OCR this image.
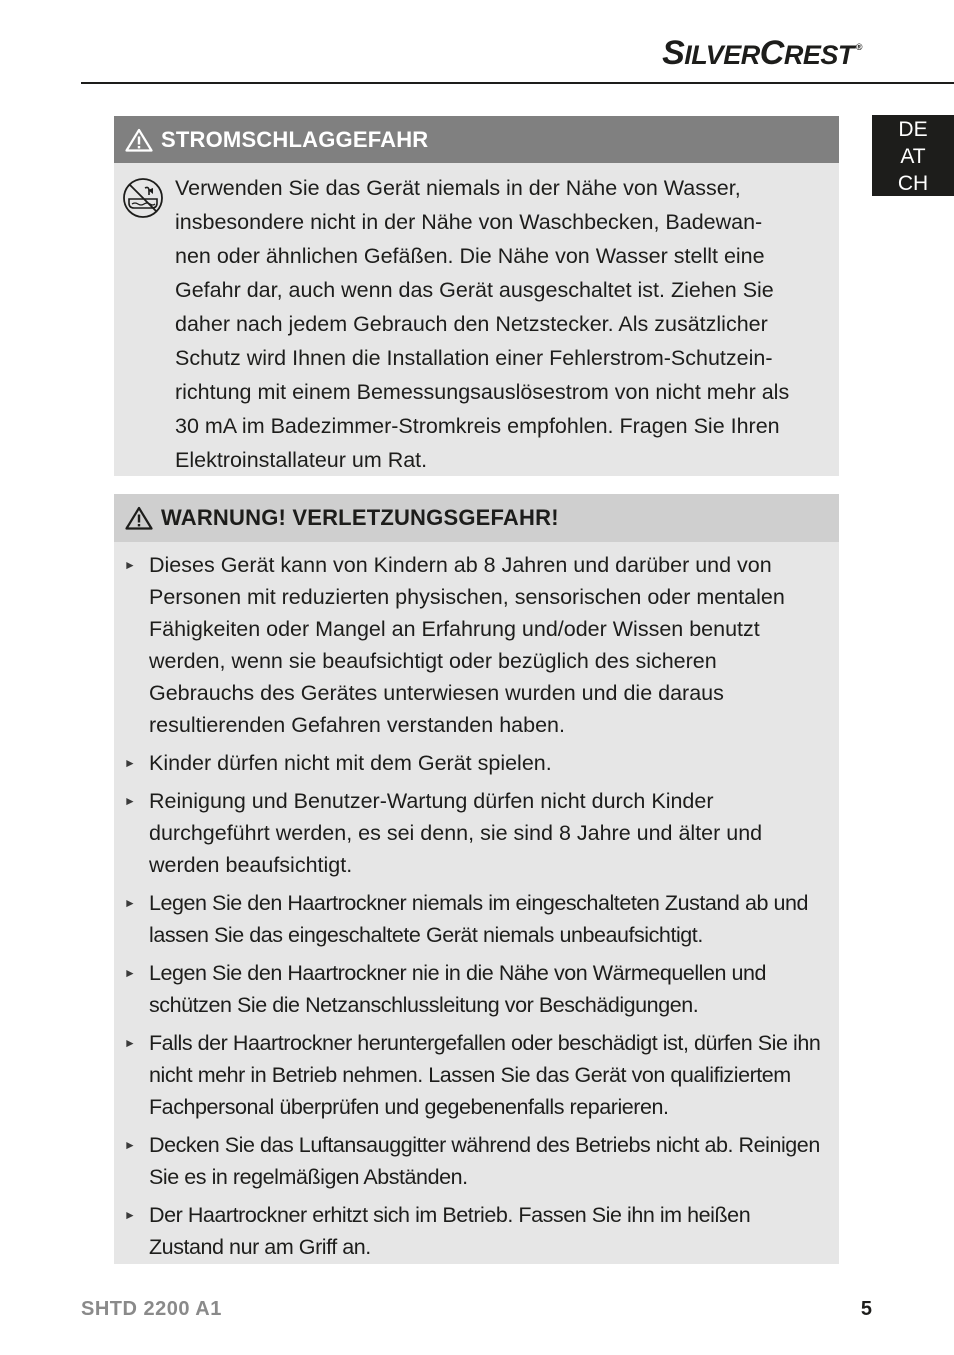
SILVERCREST ®
DE
AT
CH
STROMSCHLAGGEFAHR

Verwenden Sie das Gerät niemals in der Nähe von Wasser,

insbesondere nicht in der Nähe von Waschbecken, Badewan-

nen oder ähnlichen Gefäßen. Die Nähe von Wasser stellt eine

Gefahr dar, auch wenn das Gerät ausgeschaltet ist. Ziehen Sie

daher nach jedem Gebrauch den Netzstecker. Als zusätzlicher

Schutz wird Ihnen die Installation einer Fehlerstrom-Schutzein-

richtung mit einem Bemessungsauslösestrom von nicht mehr als

30 mA im Badezimmer-Stromkreis empfohlen. Fragen Sie Ihren

Elektroinstallateur um Rat.

WARNUNG! VERLETZUNGSGEFAHR!
► Dieses Gerät kann von Kindern ab 8 Jahren und darüber und von Personen mit reduzierten physischen, sensorischen oder mentalen Fähigkeiten oder Mangel an Erfahrung und/oder Wissen benutzt werden, wenn sie beaufsichtigt oder bezüglich des sicheren Gebrauchs des Gerätes unterwiesen wurden und die daraus resultierenden Gefahren verstanden haben.
► Kinder dürfen nicht mit dem Gerät spielen.
► Reinigung und Benutzer-Wartung dürfen nicht durch Kinder durchgeführt werden, es sei denn, sie sind 8 Jahre und älter und werden beaufsichtigt.
► Legen Sie den Haartrockner niemals im eingeschalteten Zustand ab und lassen Sie das eingeschaltete Gerät niemals unbeaufsichtigt.
► Legen Sie den Haartrockner nie in die Nähe von Wärmequellen und schützen Sie die Netzanschlussleitung vor Beschädigungen.
► Falls der Haartrockner heruntergefallen oder beschädigt ist, dürfen Sie ihn nicht mehr in Betrieb nehmen. Lassen Sie das Gerät von qualifiziertem Fachpersonal überprüfen und gegebenenfalls reparieren.
► Decken Sie das Luftansauggitter während des Betriebs nicht ab. Reinigen Sie es in regelmäßigen Abständen.
► Der Haartrockner erhitzt sich im Betrieb. Fassen Sie ihn im heißen Zustand nur am Griff an.
SHTD 2200 A1	5
